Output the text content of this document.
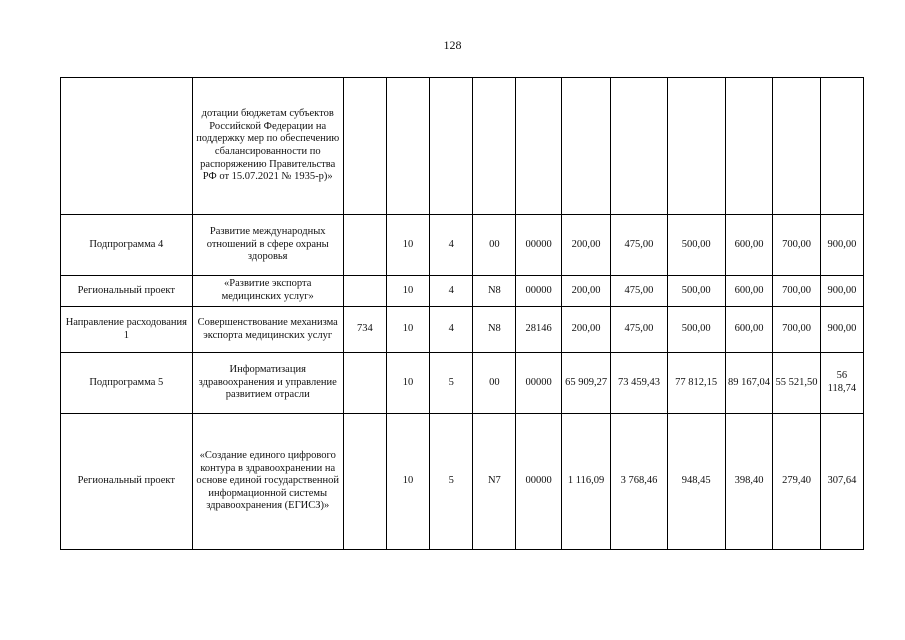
128
	дотации бюджетам субъектов Российской Федерации на поддержку мер по обеспечению сбалансированности по распоряжению Правительства РФ от 15.07.2021 № 1935-р)»											
Подпрограмма 4	Развитие международных отношений в сфере охраны здоровья		10	4	00	00000	200,00	475,00	500,00	600,00	700,00	900,00
Региональный проект	«Развитие экспорта медицинских услуг»		10	4	N8	00000	200,00	475,00	500,00	600,00	700,00	900,00
Направление расходования 1	Совершенствование механизма экспорта медицинских услуг	734	10	4	N8	28146	200,00	475,00	500,00	600,00	700,00	900,00
Подпрограмма 5	Информатизация здравоохранения и управление развитием отрасли		10	5	00	00000	65 909,27	73 459,43	77 812,15	89 167,04	55 521,50	56 118,74
Региональный проект	«Создание единого цифрового контура в здравоохранении на основе единой государственной информационной системы здравоохранения (ЕГИСЗ)»		10	5	N7	00000	1 116,09	3 768,46	948,45	398,40	279,40	307,64
